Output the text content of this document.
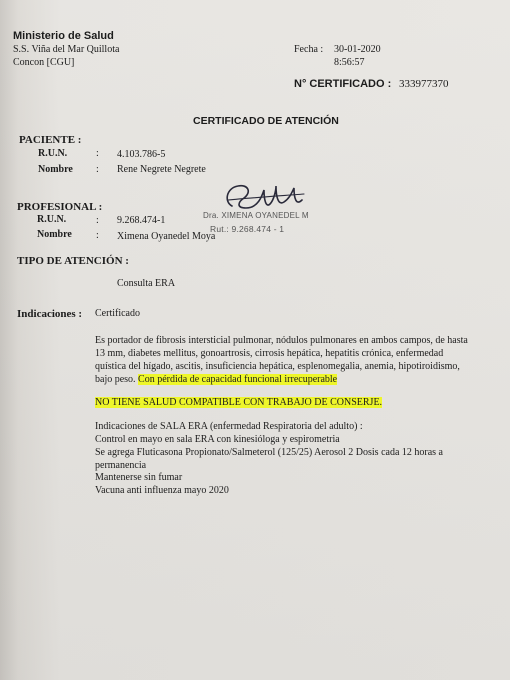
Ministerio de Salud
S.S. Viña del Mar Quillota
Concon [CGU]
Fecha : 30-01-2020
8:56:57
N° CERTIFICADO : 333977370
CERTIFICADO DE ATENCIÓN
PACIENTE :
R.U.N.	: 4.103.786-5
Nombre : Rene Negrete Negrete
PROFESIONAL :
R.U.N.	: 9.268.474-1
Nombre : Ximena Oyanedel Moya
Dra. XIMENA OYANEDEL M
Rut.: 9.268.474 - 1
TIPO DE ATENCIÓN :
Consulta ERA
Indicaciones : Certificado
Es portador de fibrosis intersticial pulmonar, nódulos pulmonares en ambos campos, de hasta
13 mm, diabetes mellitus, gonoartrosis, cirrosis hepática, hepatitis crónica, enfermedad
quística del hígado, ascitis, insuficiencia hepática, esplenomegalia, anemia, hipotiroidismo,
bajo peso. Con pérdida de capacidad funcional irrecuperable
NO TIENE SALUD COMPATIBLE CON TRABAJO DE CONSERJE.
Indicaciones de SALA ERA (enfermedad Respiratoria del adulto) :
Control en mayo en sala ERA con kinesióloga y espirometria
Se agrega Fluticasona Propionato/Salmeterol (125/25) Aerosol 2 Dosis cada 12 horas a
permanencia
Mantenerse sin fumar
Vacuna anti influenza mayo 2020
